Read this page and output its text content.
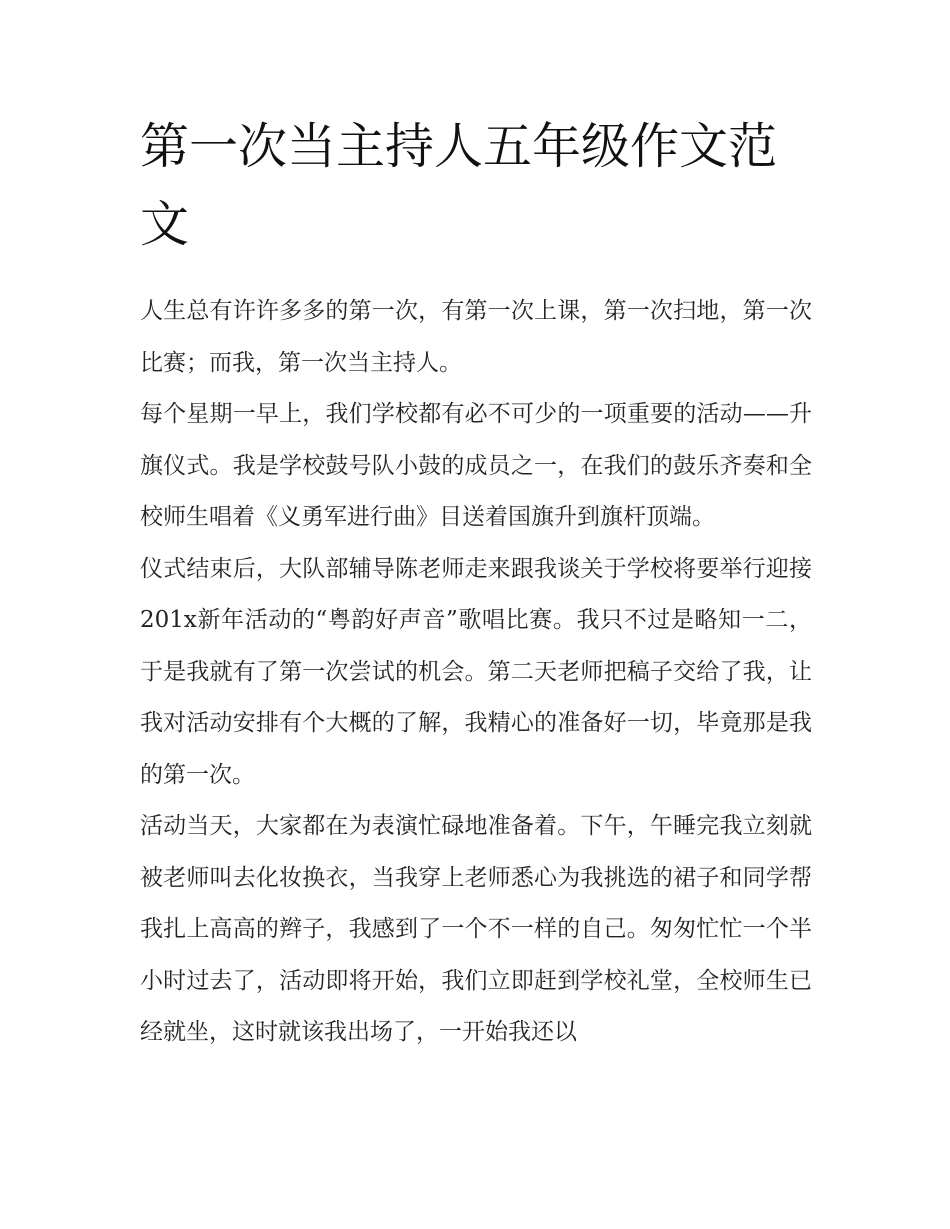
第一次当主持人五年级作文范文

人生总有许许多多的第一次，有第一次上课，第一次扫地，第一次比赛；而我，第一次当主持人。

每个星期一早上，我们学校都有必不可少的一项重要的活动——升旗仪式。我是学校鼓号队小鼓的成员之一，在我们的鼓乐齐奏和全校师生唱着《义勇军进行曲》目送着国旗升到旗杆顶端。

仪式结束后，大队部辅导陈老师走来跟我谈关于学校将要举行迎接201x新年活动的“粤韵好声音”歌唱比赛。我只不过是略知一二，于是我就有了第一次尝试的机会。第二天老师把稿子交给了我，让我对活动安排有个大概的了解，我精心的准备好一切，毕竟那是我的第一次。

活动当天，大家都在为表演忙碌地准备着。下午，午睡完我立刻就被老师叫去化妆换衣，当我穿上老师悉心为我挑选的裙子和同学帮我扎上高高的辫子，我感到了一个不一样的自己。匆匆忙忙一个半小时过去了，活动即将开始，我们立即赶到学校礼堂，全校师生已经就坐，这时就该我出场了，一开始我还以
